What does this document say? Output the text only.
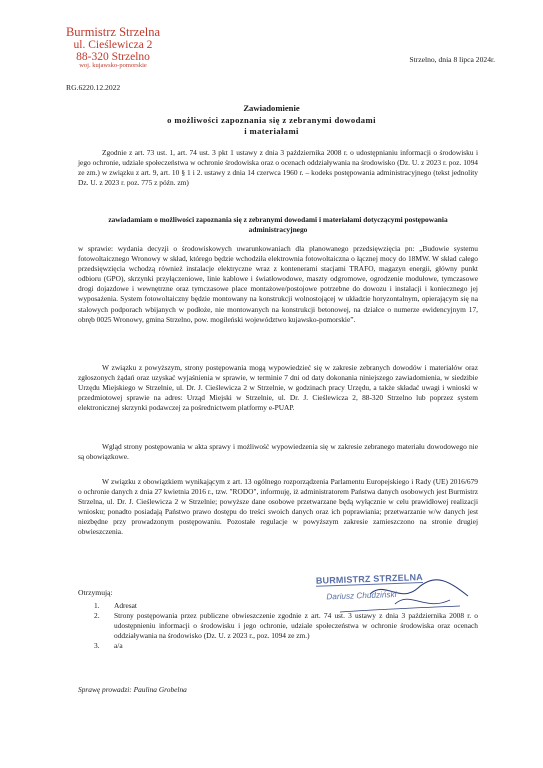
Burmistrz Strzelna
ul. Cieślewicza 2
88-320 Strzelno
woj. kujawsko-pomorskie
Strzelno, dnia 8 lipca 2024r.
RG.6220.12.2022
Zawiadomienie
o możliwości zapoznania się z zebranymi dowodami
i materiałami

Zgodnie z art. 73 ust. 1, art. 74 ust. 3 pkt 1 ustawy z dnia 3 października 2008 r. o udostępnianiu informacji o środowisku i jego ochronie, udziale społeczeństwa w ochronie środowiska oraz o ocenach oddziaływania na środowisko (Dz. U. z 2023 r. poz. 1094 ze zm.) w związku z art. 9, art. 10 § 1 i 2. ustawy z dnia 14 czerwca 1960 r. – kodeks postępowania administracyjnego (tekst jednolity Dz. U. z 2023 r. poz. 775 z późn. zm)

zawiadamiam o możliwości zapoznania się z zebranymi dowodami i materiałami dotyczącymi postępowania administracyjnego

w sprawie: wydania decyzji o środowiskowych uwarunkowaniach dla planowanego przedsięwzięcia pn: „Budowie systemu fotowoltaicznego Wronowy w skład, którego będzie wchodziła elektrownia fotowoltaiczna o łącznej mocy do 18MW. W skład całego przedsięwzięcia wchodzą również instalacje elektryczne wraz z kontenerami stacjami TRAFO, magazyn energii, główny punkt odbioru (GPO), skrzynki przyłączeniowe, linie kablowe i światłowodowe, maszty odgromowe, ogrodzenie modułowe, tymczasowe drogi dojazdowe i wewnętrzne oraz tymczasowe place montażowe/postojowe potrzebne do dowozu i instalacji i koniecznego jej wyposażenia. System fotowoltaiczny będzie montowany na konstrukcji wolnostojącej w układzie horyzontalnym, opierającym się na stalowych podporach wbijanych w podłoże, nie montowanych na konstrukcji betonowej, na działce o numerze ewidencyjnym 17, obręb 0025 Wronowy, gmina Strzelno, pow. mogileński województwo kujawsko-pomorskie”.

W związku z powyższym, strony postępowania mogą wypowiedzieć się w zakresie zebranych dowodów i materiałów oraz zgłoszonych żądań oraz uzyskać wyjaśnienia w sprawie, w terminie 7 dni od daty dokonania niniejszego zawiadomienia, w siedzibie Urzędu Miejskiego w Strzelnie, ul. Dr. J. Cieślewicza 2 w Strzelnie, w godzinach pracy Urzędu, a także składać uwagi i wnioski w przedmiotowej sprawie na adres: Urząd Miejski w Strzelnie, ul. Dr. J. Cieślewicza 2, 88-320 Strzelno lub poprzez system elektronicznej skrzynki podawczej za pośrednictwem platformy e-PUAP.

Wgląd strony postępowania w akta sprawy i możliwość wypowiedzenia się w zakresie zebranego materiału dowodowego nie są obowiązkowe.

W związku z obowiązkiem wynikającym z art. 13 ogólnego rozporządzenia Parlamentu Europejskiego i Rady (UE) 2016/679 o ochronie danych z dnia 27 kwietnia 2016 r., tzw. "RODO", informuję, iż administratorem Państwa danych osobowych jest Burmistrz Strzelna, ul. Dr. J. Cieślewicza 2 w Strzelnie; powyższe dane osobowe przetwarzane będą wyłącznie w celu prawidłowej realizacji wniosku; ponadto posiadają Państwo prawo dostępu do treści swoich danych oraz ich poprawiania; przetwarzanie w/w danych jest niezbędne przy prowadzonym postępowaniu. Pozostałe regulacje w powyższym zakresie zamieszczono na stronie drugiej obwieszczenia.

BURMISTRZ STRZELNA
Dariusz Chudziński
Otrzymują:
1.	Adresat
2.	Strony postępowania przez publiczne obwieszczenie zgodnie z art. 74 ust. 3 ustawy z dnia 3 października 2008 r. o udostępnieniu informacji o środowisku i jego ochronie, udziale społeczeństwa w ochronie środowiska oraz ocenach oddziaływania na środowisko (Dz. U. z 2023 r., poz. 1094 ze zm.)
3.	a/a
Sprawę prowadzi: Paulina Grobelna
